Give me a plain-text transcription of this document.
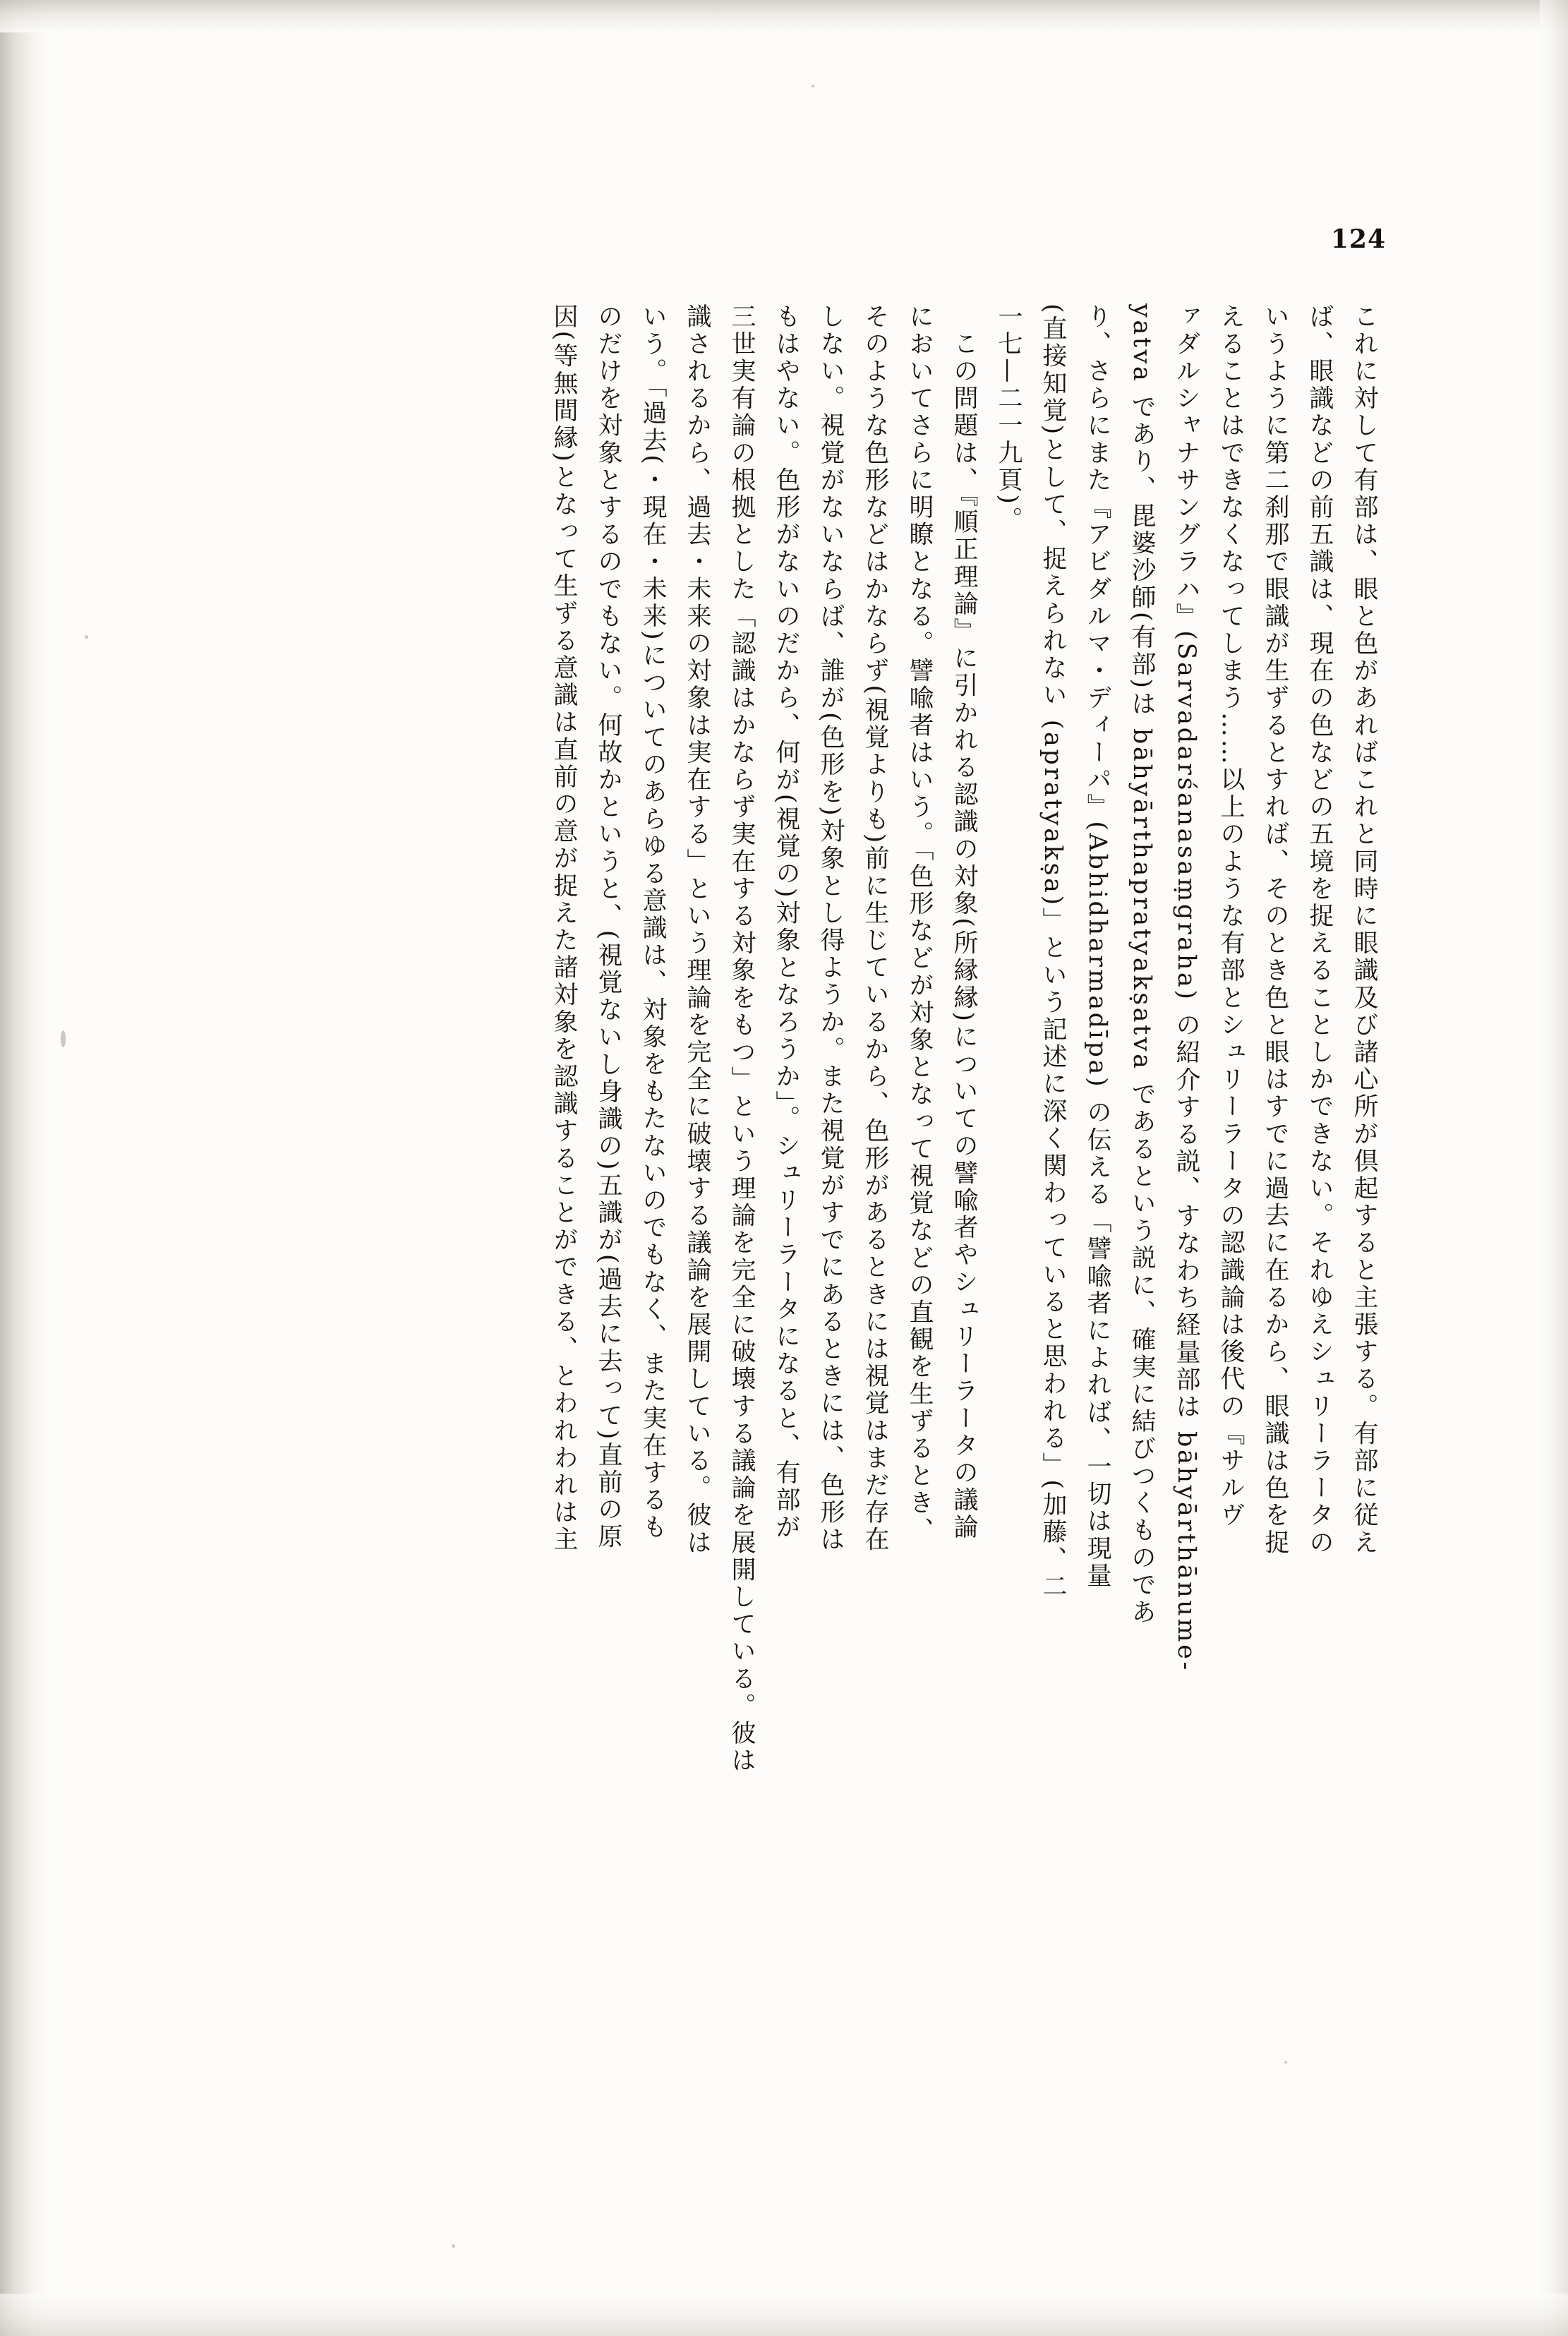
124
これに対して有部は、眼と色があればこれと同時に眼識及び諸心所が倶起すると主張する。有部に従え
ば、眼識などの前五識は、現在の色などの五境を捉えることしかできない。それゆえシュリーラータの
いうように第二刹那で眼識が生ずるとすれば、そのとき色と眼はすでに過去に在るから、眼識は色を捉
えることはできなくなってしまう……以上のような有部とシュリーラータの認識論は後代の『サルヴ
ァダルシャナサングラハ』(Sarvadarśanasaṃgraha) の紹介する説、すなわち経量部は bāhyārthānume-
yatva であり、毘婆沙師(有部)は bāhyārthapratyakṣatva であるという説に、確実に結びつくものであ
り、さらにまた『アビダルマ・ディーパ』(Abhidharmadīpa) の伝える「譬喩者によれば、一切は現量
(直接知覚)として、捉えられない (apratyakṣa)」という記述に深く関わっていると思われる」(加藤、二
一七—二一九頁)。
　この問題は、『順正理論』に引かれる認識の対象(所縁縁)についての譬喩者やシュリーラータの議論
においてさらに明瞭となる。譬喩者はいう。「色形などが対象となって視覚などの直観を生ずるとき、
そのような色形などはかならず(視覚よりも)前に生じているから、色形があるときには視覚はまだ存在
しない。視覚がないならば、誰が(色形を)対象とし得ようか。また視覚がすでにあるときには、色形は
もはやない。色形がないのだから、何が(視覚の)対象となろうか」。シュリーラータになると、有部が
三世実有論の根拠とした「認識はかならず実在する対象をもつ」という理論を完全に破壊する議論を展開している。彼は
識されるから、過去・未来の対象は実在する」という理論を完全に破壊する議論を展開している。彼は
いう。「過去(・現在・未来)についてのあらゆる意識は、対象をもたないのでもなく、また実在するも
のだけを対象とするのでもない。何故かというと、(視覚ないし身識の)五識が(過去に去って)直前の原
因(等無間縁)となって生ずる意識は直前の意が捉えた諸対象を認識することができる、とわれわれは主
